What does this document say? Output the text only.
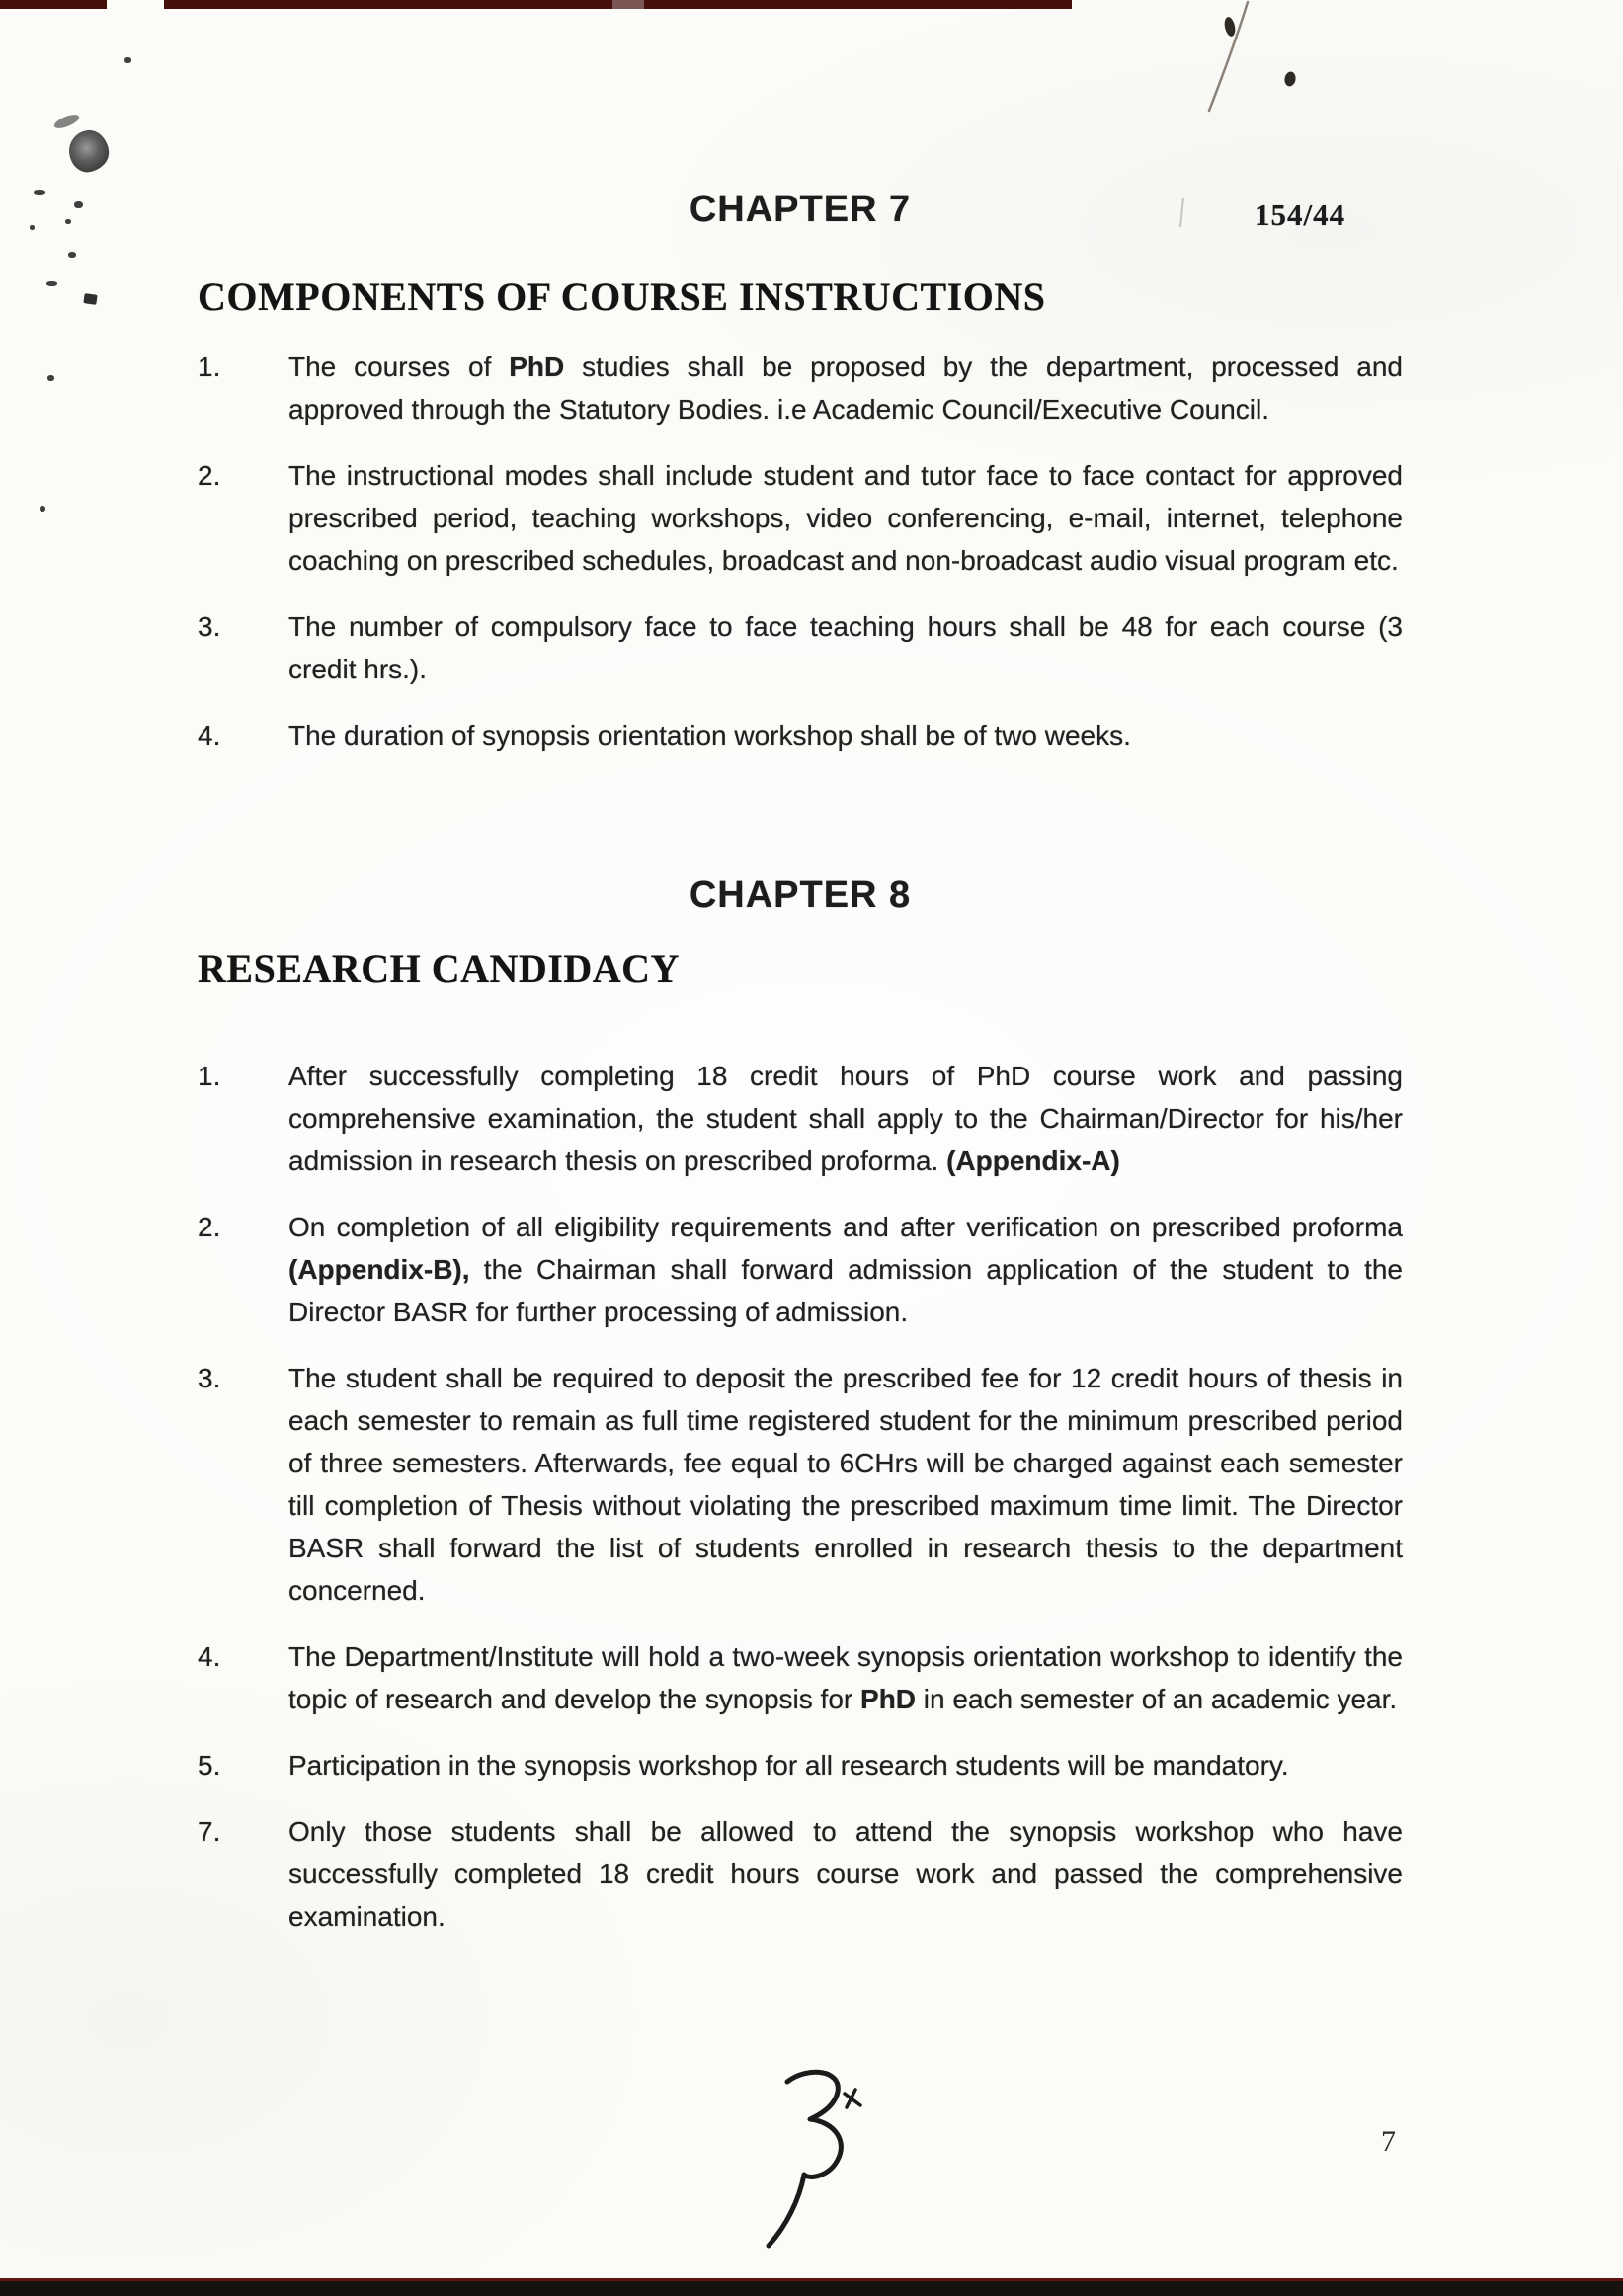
154/44
CHAPTER 7
COMPONENTS OF COURSE INSTRUCTIONS
1.	The courses of PhD studies shall be proposed by the department, processed and approved through the Statutory Bodies. i.e Academic Council/Executive Council.
2.	The instructional modes shall include student and tutor face to face contact for approved prescribed period, teaching workshops, video conferencing, e-mail, internet, telephone coaching on prescribed schedules, broadcast and non-broadcast audio visual program etc.
3.	The number of compulsory face to face teaching hours shall be 48 for each course (3 credit hrs.).
4.	The duration of synopsis orientation workshop shall be of two weeks.
CHAPTER 8
RESEARCH CANDIDACY
1.	After successfully completing 18 credit hours of PhD course work and passing comprehensive examination, the student shall apply to the Chairman/Director for his/her admission in research thesis on prescribed proforma. (Appendix-A)
2.	On completion of all eligibility requirements and after verification on prescribed proforma (Appendix-B), the Chairman shall forward admission application of the student to the Director BASR for further processing of admission.
3.	The student shall be required to deposit the prescribed fee for 12 credit hours of thesis in each semester to remain as full time registered student for the minimum prescribed period of three semesters. Afterwards, fee equal to 6CHrs will be charged against each semester till completion of Thesis without violating the prescribed maximum time limit. The Director BASR shall forward the list of students enrolled in research thesis to the department concerned.
4.	The Department/Institute will hold a two-week synopsis orientation workshop to identify the topic of research and develop the synopsis for PhD in each semester of an academic year.
5.	Participation in the synopsis workshop for all research students will be mandatory.
7.	Only those students shall be allowed to attend the synopsis workshop who have successfully completed 18 credit hours course work and passed the comprehensive examination.
7
